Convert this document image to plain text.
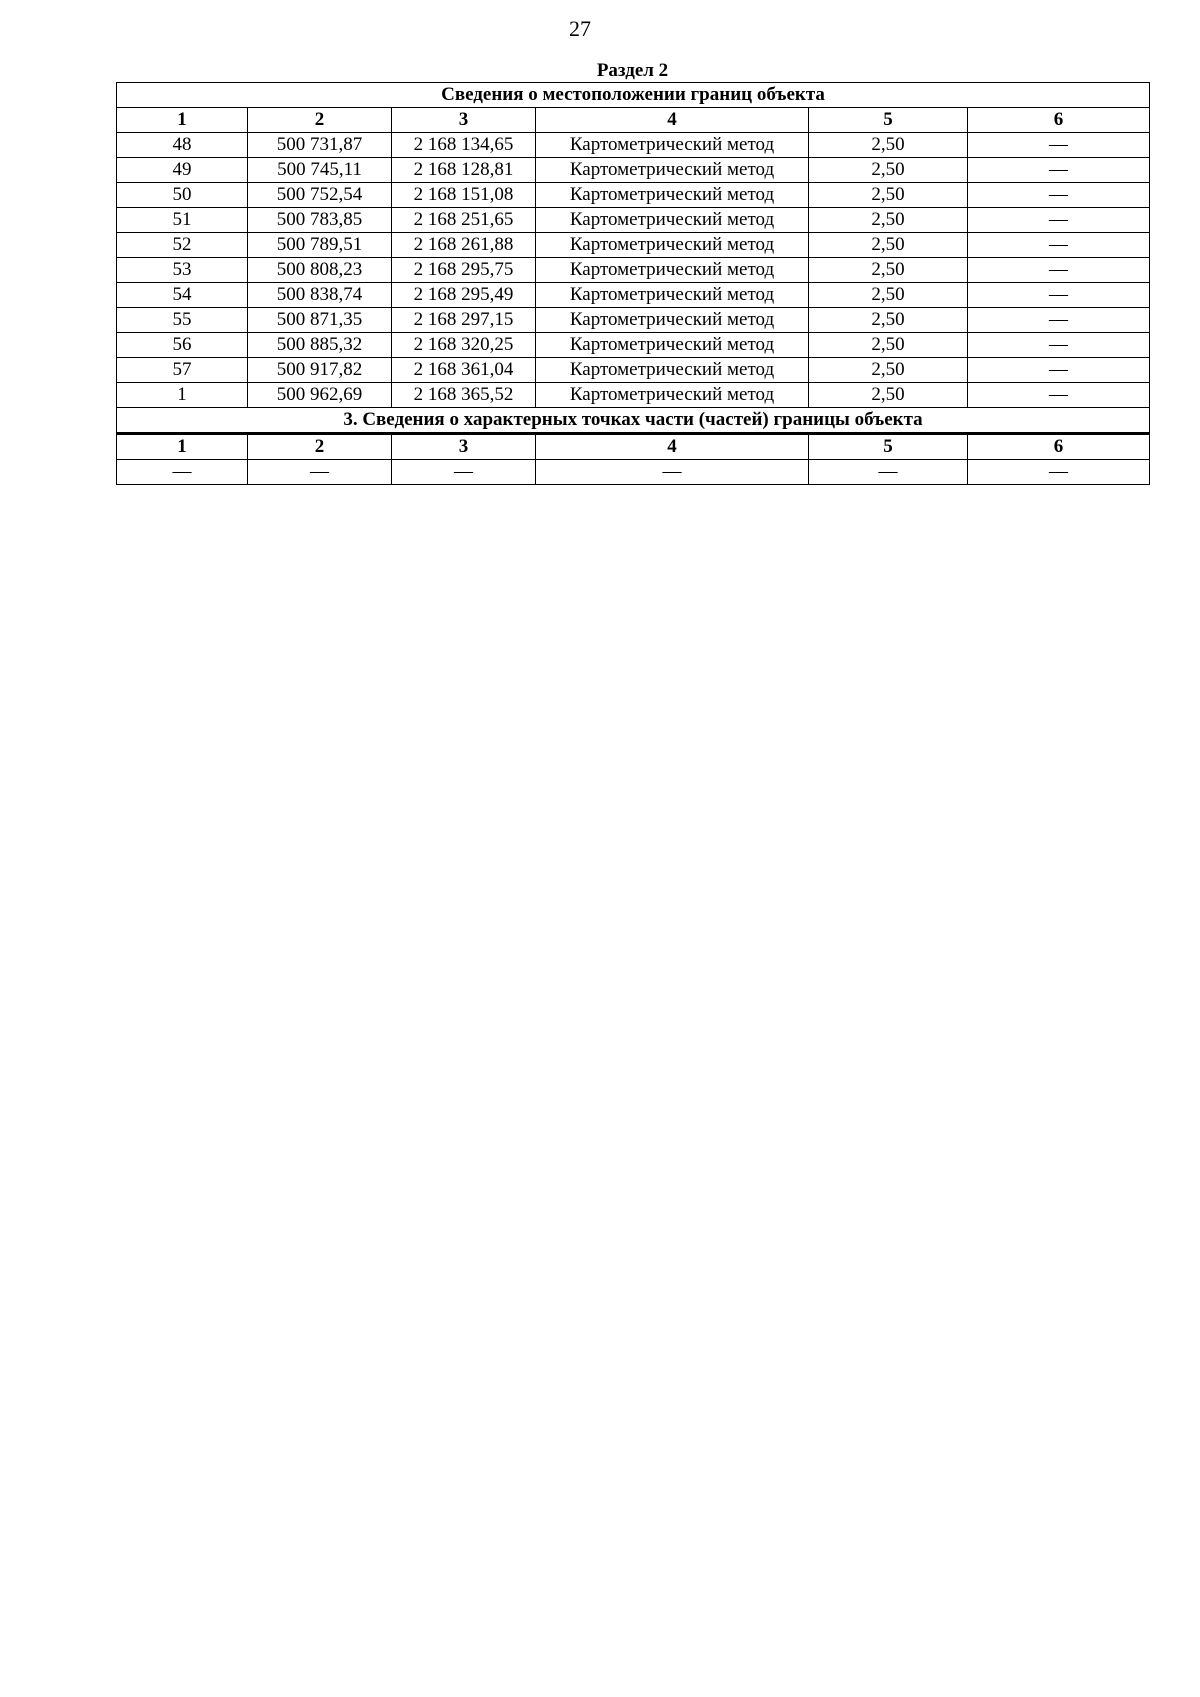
27
Раздел 2
Сведения о местоположении границ объекта					
1	2	3	4	5	6
48	500 731,87	2 168 134,65	Картометрический метод	2,50	—
49	500 745,11	2 168 128,81	Картометрический метод	2,50	—
50	500 752,54	2 168 151,08	Картометрический метод	2,50	—
51	500 783,85	2 168 251,65	Картометрический метод	2,50	—
52	500 789,51	2 168 261,88	Картометрический метод	2,50	—
53	500 808,23	2 168 295,75	Картометрический метод	2,50	—
54	500 838,74	2 168 295,49	Картометрический метод	2,50	—
55	500 871,35	2 168 297,15	Картометрический метод	2,50	—
56	500 885,32	2 168 320,25	Картометрический метод	2,50	—
57	500 917,82	2 168 361,04	Картометрический метод	2,50	—
1	500 962,69	2 168 365,52	Картометрический метод	2,50	—
3. Сведения о характерных точках части (частей) границы объекта					
1	2	3	4	5	6
—	—	—	—	—	—
